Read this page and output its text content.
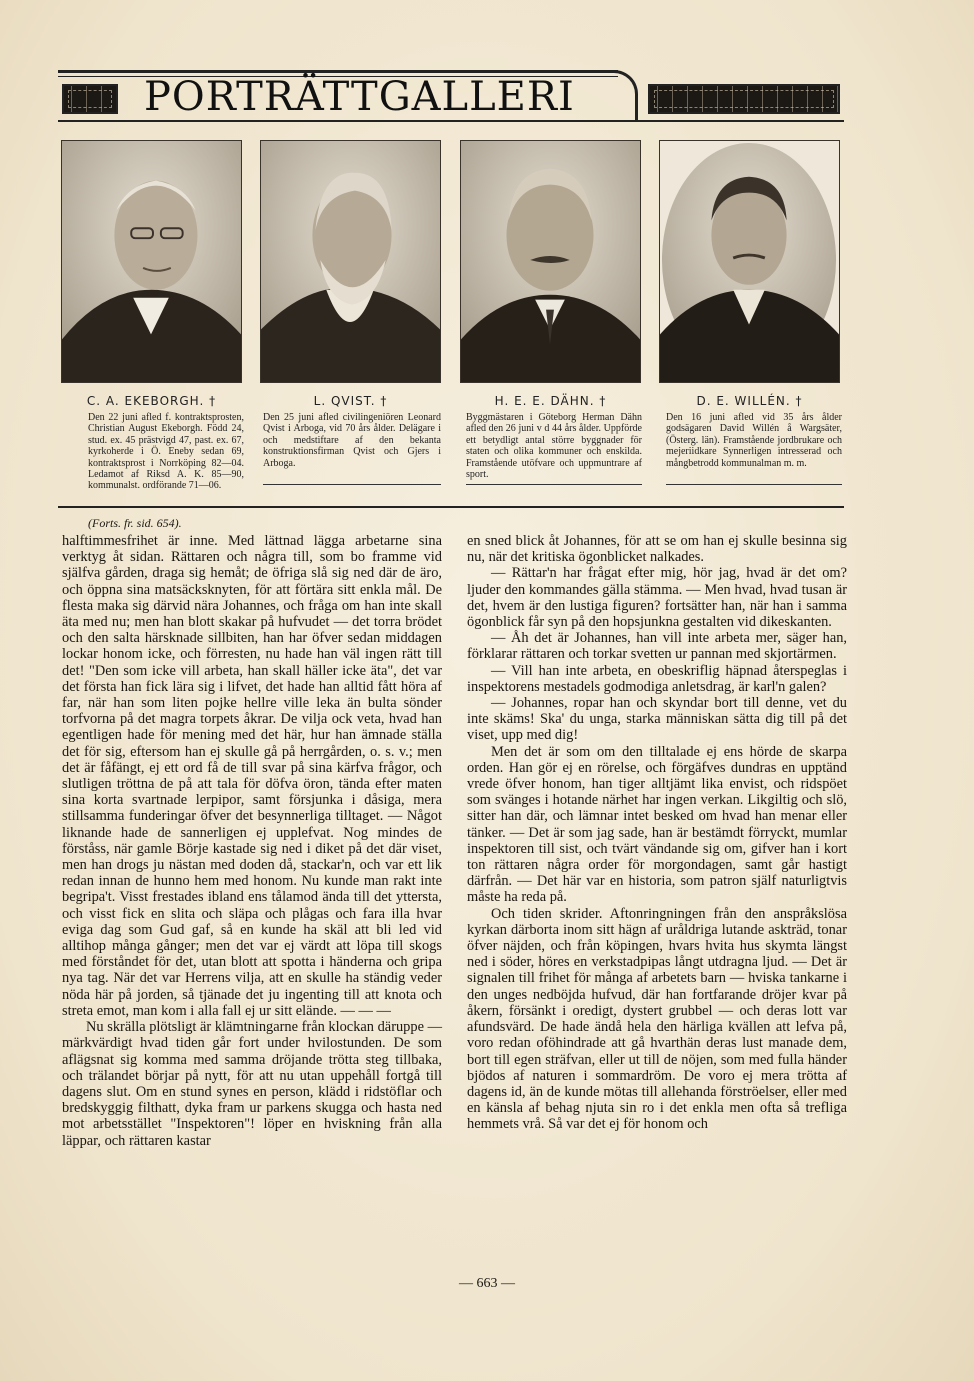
PORTRÄTTGALLERI
C. A. EKEBORGH. †
Den 22 juni afled f. kontraktsprosten, Christian August Ekeborgh. Född 24, stud. ex. 45 prästvigd 47, past. ex. 67, kyrkoherde i Ö. Eneby sedan 69, kontraktsprost i Norrköping 82—04. Ledamot af Riksd A. K. 85—90, kommunalst. ordförande 71—06.
L. QVIST. †
Den 25 juni afled civilingeniören Leonard Qvist i Arboga, vid 70 års ålder. Delägare i och medstiftare af den bekanta konstruktionsfirman Qvist och Gjers i Arboga.
H. E. E. DÄHN. †
Byggmästaren i Göteborg Herman Dähn afled den 26 juni v d 44 års ålder. Uppförde ett betydligt antal större byggnader för staten och olika kommuner och enskilda. Framstående utöfvare och uppmuntrare af sport.
D. E. WILLÉN. †
Den 16 juni afled vid 35 års ålder godsägaren David Willén å Wargsäter, (Österg. län). Framstående jordbrukare och mejeriidkare Synnerligen intresserad och mångbetrodd kommunalman m. m.
(Forts. fr. sid. 654).

halftimmesfrihet är inne. Med lättnad lägga arbetarne sina verktyg åt sidan. Rättaren och några till, som bo framme vid själfva gården, draga sig hemåt; de öfriga slå sig ned där de äro, och öppna sina matsäcksknyten, för att förtära sitt enkla mål. De flesta maka sig därvid nära Johannes, och fråga om han inte skall äta med nu; men han blott skakar på hufvudet — det torra brödet och den salta härsknade sillbiten, han har öfver sedan middagen lockar honom icke, och förresten, nu hade han väl ingen rätt till det! "Den som icke vill arbeta, han skall häller icke äta", det var det första han fick lära sig i lifvet, det hade han alltid fått höra af far, när han som liten pojke hellre ville leka än bulta sönder torfvorna på det magra torpets åkrar. De vilja ock veta, hvad han egentligen hade för mening med det här, hur han ämnade ställa det för sig, eftersom han ej skulle gå på herrgården, o. s. v.; men det är fåfängt, ej ett ord få de till svar på sina kärfva frågor, och slutligen tröttna de på att tala för döfva öron, tända efter maten sina korta svartnade lerpipor, samt försjunka i dåsiga, mera stillsamma funderingar öfver det besynnerliga tilltaget. — Något liknande hade de sannerligen ej upplefvat. Nog mindes de förståss, när gamle Börje kastade sig ned i diket på det där viset, men han drogs ju nästan med doden då, stackar'n, och var ett lik redan innan de hunno hem med honom. Nu kunde man rakt inte begripa't. Visst frestades ibland ens tålamod ända till det yttersta, och visst fick en slita och släpa och plågas och fara illa hvar eviga dag som Gud gaf, så en kunde ha skäl att bli led vid alltihop många gånger; men det var ej värdt att löpa till skogs med förståndet för det, utan blott att spotta i händerna och gripa nya tag. När det var Herrens vilja, att en skulle ha ständig veder nöda här på jorden, så tjänade det ju ingenting till att knota och streta emot, man kom i alla fall ej ur sitt elände. — — —

Nu skrälla plötsligt är klämtningarne från klockan däruppe — märkvärdigt hvad tiden går fort under hvilostunden. De som aflägsnat sig komma med samma dröjande trötta steg tillbaka, och trälandet börjar på nytt, för att nu utan uppehåll fortgå till dagens slut. Om en stund synes en person, klädd i ridstöflar och bredskyggig filthatt, dyka fram ur parkens skugga och hasta ned mot arbetsstället "Inspektoren"! löper en hviskning från alla läppar, och rättaren kastar

en sned blick åt Johannes, för att se om han ej skulle besinna sig nu, när det kritiska ögonblicket nalkades.

— Rättar'n har frågat efter mig, hör jag, hvad är det om? ljuder den kommandes gälla stämma. — Men hvad, hvad tusan är det, hvem är den lustiga figuren? fortsätter han, när han i samma ögonblick får syn på den hopsjunkna gestalten vid dikeskanten.

— Åh det är Johannes, han vill inte arbeta mer, säger han, förklarar rättaren och torkar svetten ur pannan med skjortärmen.

— Vill han inte arbeta, en obeskriflig häpnad återspeglas i inspektorens mestadels godmodiga anletsdrag, är karl'n galen?

— Johannes, ropar han och skyndar bort till denne, vet du inte skäms! Ska' du unga, starka människan sätta dig till på det viset, upp med dig!

Men det är som om den tilltalade ej ens hörde de skarpa orden. Han gör ej en rörelse, och förgäfves dundras en upptänd vrede öfver honom, han tiger alltjämt lika envist, och ridspöet som svänges i hotande närhet har ingen verkan. Likgiltig och slö, sitter han där, och lämnar intet besked om hvad han menar eller tänker. — Det är som jag sade, han är bestämdt förryckt, mumlar inspektoren till sist, och tvärt vändande sig om, gifver han i kort ton rättaren några order för morgondagen, samt går hastigt därfrån. — Det här var en historia, som patron själf naturligtvis måste ha reda på.

Och tiden skrider. Aftonringningen från den anspråkslösa kyrkan därborta inom sitt hägn af uråldriga lutande askträd, tonar öfver näjden, och från köpingen, hvars hvita hus skymta längst ned i söder, höres en verkstadpipas långt utdragna ljud. — Det är signalen till frihet för många af arbetets barn — hviska tankarne i den unges nedböjda hufvud, där han fortfarande dröjer kvar på åkern, försänkt i oredigt, dystert grubbel — och deras lott var afundsvärd. De hade ändå hela den härliga kvällen att lefva på, voro redan oföhindrade att gå hvarthän deras lust manade dem, bort till egen sträfvan, eller ut till de nöjen, som med fulla händer bjödos af naturen i sommardröm. De voro ej mera trötta af dagens id, än de kunde mötas till allehanda förströelser, eller med en känsla af behag njuta sin ro i det enkla men ofta så trefliga hemmets vrå. Så var det ej för honom och

— 663 —
